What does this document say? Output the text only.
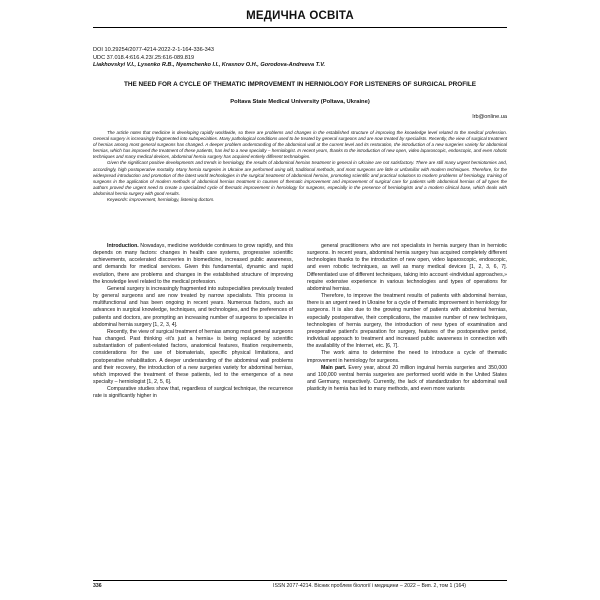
МЕДИЧНА ОСВІТА
DOI 10.29254/2077-4214-2022-2-1-164-336-343
UDC 37.018.4:616.4.23/.25:616-089.819
Liakhovskyi V.I., Lysenko R.B., Nyemchenko I.I., Krasnov O.H., Gorodova-Andreeva T.V.
THE NEED FOR A CYCLE OF THEMATIC IMPROVEMENT IN HERNIOLOGY FOR LISTENERS OF SURGICAL PROFILE
Poltava State Medical University (Poltava, Ukraine)
lrb@online.ua

The article notes that medicine is developing rapidly worldwide, so there are problems and changes in the established structure of improving the knowledge level related to the medical profession. General surgery is increasingly fragmented into subspecialties. Many pathological conditions used to be treated by general surgeons and are now treated by specialists. Recently, the view of surgical treatment of hernias among most general surgeons has changed. A deeper problem understanding of the abdominal wall at the current level and its restoration, the introduction of a new surgeries variety for abdominal hernias, which has improved the treatment of these patients, has led to a new specialty – herniologist. In recent years, thanks to the introduction of new open, video laparoscopic, endoscopic, and even robotic techniques and many medical devices, abdominal hernia surgery has acquired entirely different technologies.

Given the significant positive developments and trends in herniology, the results of abdominal hernias treatment in general in Ukraine are not satisfactory. There are still many urgent herniotomies and, accordingly, high postoperative mortality. Many hernia surgeries in Ukraine are performed using old, traditional methods, and most surgeons are little or unfamiliar with modern techniques. Therefore, for the widespread introduction and promotion of the latest world technologies in the surgical treatment of abdominal hernias, promoting scientific and practical solutions to modern problems of herniology, training of surgeons in the application of modern methods of abdominal hernias treatment in courses of thematic improvement and improvement of surgical care for patients with abdominal hernias of all types the authors proved the urgent need to create a specialized cycle of thematic improvement in herniology for surgeons, especially in the presence of herniologists and a modern clinical base, which deals with abdominal hernia surgery with good results.

Keywords: improvement, herniology, listening doctors.

Introduction. Nowadays, medicine worldwide continues to grow rapidly, and this depends on many factors: changes in health care systems, progressive scientific achievements, accelerated discoveries in biomedicine, increased public awareness, and demands for medical services. Given this fundamental, dynamic and rapid evolution, there are problems and changes in the established structure of improving the knowledge level related to the medical profession.

General surgery is increasingly fragmented into subspecialties previously treated by general surgeons and are now treated by narrow specialists. This process is multifunctional and has been ongoing in recent years. Numerous factors, such as advances in surgical knowledge, techniques, and technologies, and the preferences of patients and doctors, are prompting an increasing number of surgeons to specialize in abdominal hernia surgery [1, 2, 3, 4].

Recently, the view of surgical treatment of hernias among most general surgeons has changed. Past thinking «it's just a hernia» is being replaced by scientific substantiation of patient-related factors, anatomical features, fixation requirements, considerations for the use of biomaterials, specific physical limitations, and postoperative rehabilitation. A deeper understanding of the abdominal wall problems and their recovery, the introduction of a new surgeries variety for abdominal hernias, which improved the treatment of these patients, led to the emergence of a new specialty – herniologist [1, 2, 5, 6].

Comparative studies show that, regardless of surgical technique, the recurrence rate is significantly higher in

general practitioners who are not specialists in hernia surgery than in herniotic surgeons. In recent years, abdominal hernia surgery has acquired completely different technologies thanks to the introduction of new open, video laparoscopic, endoscopic, and even robotic techniques, as well as many medical devices [1, 2, 3, 6, 7]. Differentiated use of different techniques, taking into account «individual approaches,» require extensive experience in various technologies and types of operations for abdominal hernias.

Therefore, to improve the treatment results of patients with abdominal hernias, there is an urgent need in Ukraine for a cycle of thematic improvement in herniology for surgeons. It is also due to the growing number of patients with abdominal hernias, especially postoperative, their complications, the massive number of new techniques, technologies of hernia surgery, the introduction of new types of examination and preoperative patient's preparation for surgery, features of the postoperative period, individual approach to treatment and increased public awareness in connection with the availability of the Internet, etc. [6, 7].

The work aims to determine the need to introduce a cycle of thematic improvement in herniology for surgeons.

Main part. Every year, about 20 million inguinal hernia surgeries and 350,000 and 100,000 ventral hernia surgeries are performed world wide in the United States and Germany, respectively. Currently, the lack of standardization for abdominal wall plasticity in hernia has led to many methods, and even more variants

336	ISSN 2077-4214. Вісник проблем біології і медицини – 2022 – Вип. 2, том 1 (164)
